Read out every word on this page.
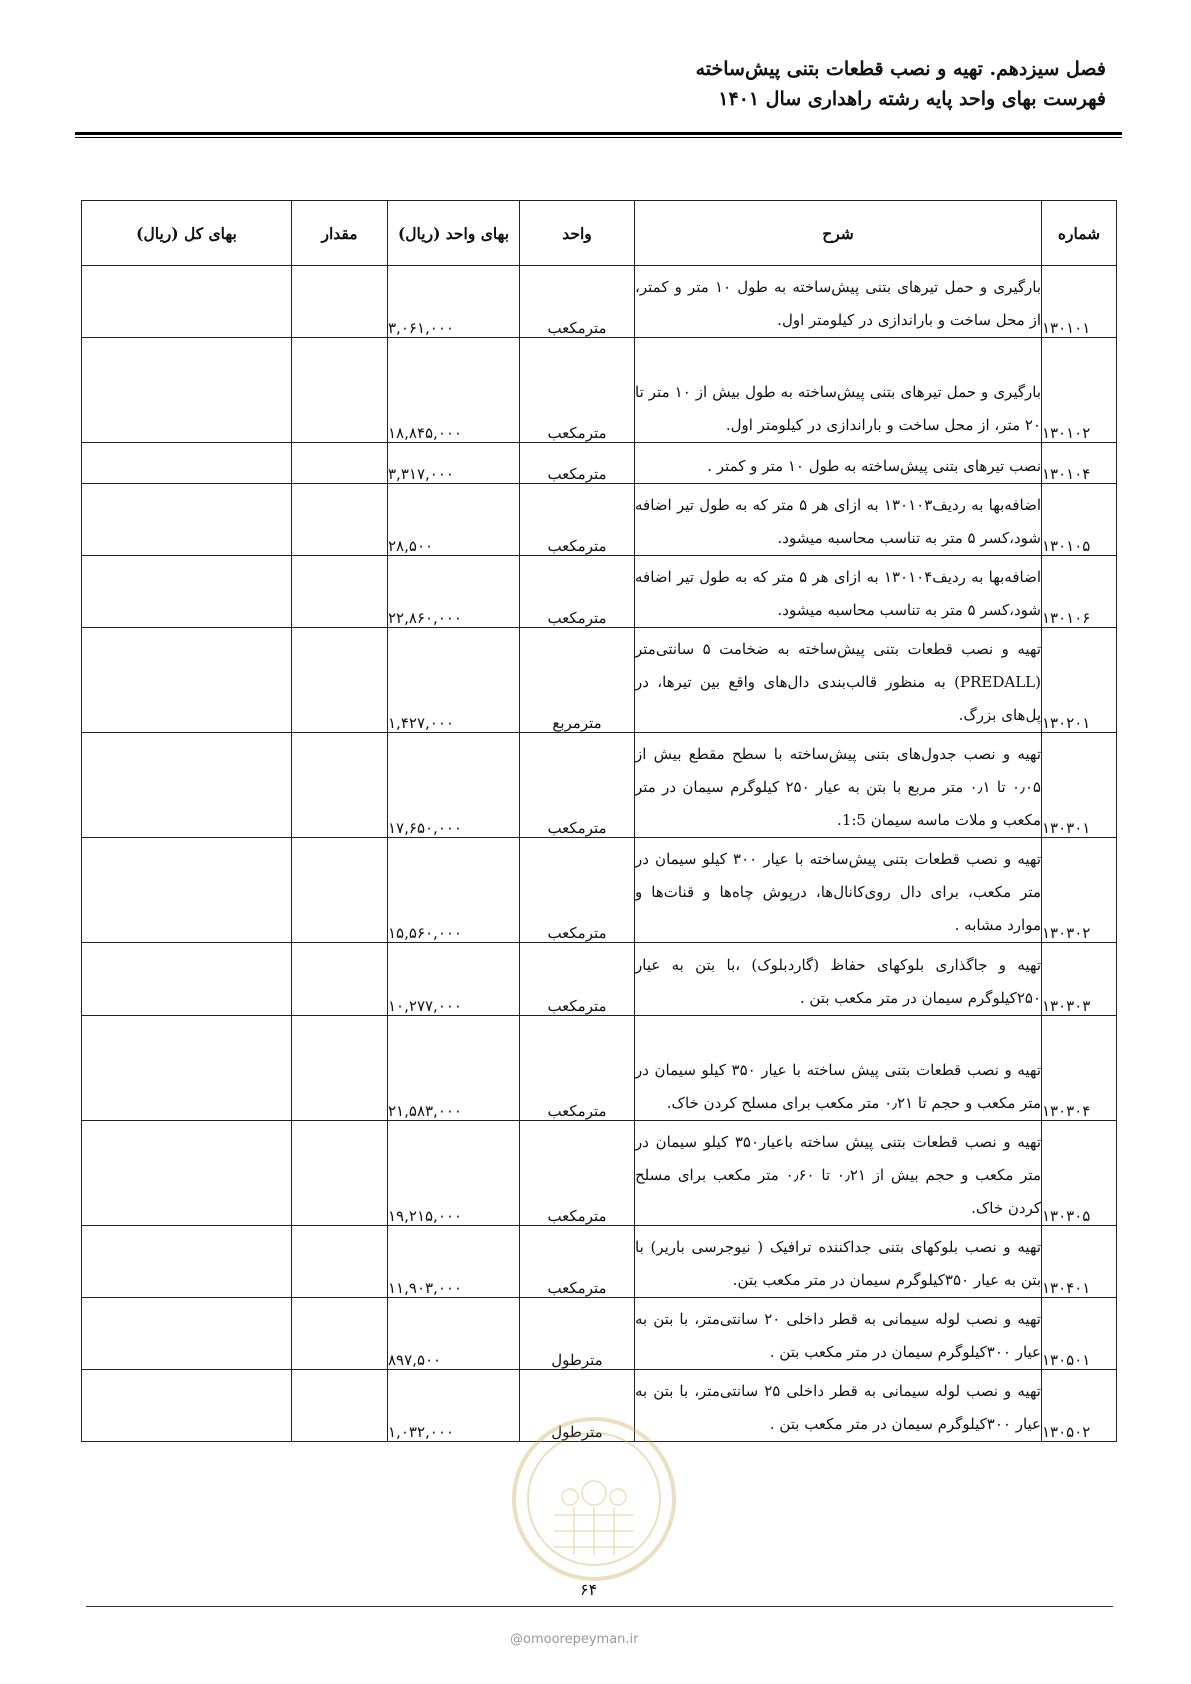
فصل سیزدهم. تهیه و نصب قطعات بتنی پیش‌ساخته
فهرست بهای واحد پایه رشته راهداری سال ۱۴۰۱
شماره	شرح	واحد	بهای واحد (ریال)	مقدار	بهای کل (ریال)
۱۳۰۱۰۱	بارگیری و حمل تیرهای بتنی پیش‌ساخته به طول ۱۰ متر و کمتر، از محل ساخت و باراندازی در کیلومتر اول.	مترمکعب	۳,۰۶۱,۰۰۰		
۱۳۰۱۰۲	بارگیری و حمل تیرهای بتنی پیش‌ساخته به طول بیش از ۱۰ متر تا ۲۰ متر، از محل ساخت و باراندازی در کیلومتر اول.	مترمکعب	۱۸,۸۴۵,۰۰۰		
۱۳۰۱۰۴	نصب تیرهای بتنی پیش‌ساخته به طول ۱۰ متر و کمتر .	مترمکعب	۳,۳۱۷,۰۰۰		
۱۳۰۱۰۵	اضافه‌بها به ردیف۱۳۰۱۰۳ به ازای هر ۵ متر که به طول تیر اضافه شود،کسر ۵ متر به تناسب محاسبه میشود.	مترمکعب	۲۸,۵۰۰		
۱۳۰۱۰۶	اضافه‌بها به ردیف۱۳۰۱۰۴ به ازای هر ۵ متر که به طول تیر اضافه شود،کسر ۵ متر به تناسب محاسبه میشود.	مترمکعب	۲۲,۸۶۰,۰۰۰		
۱۳۰۲۰۱	تهیه و نصب قطعات بتنی پیش‌ساخته به ضخامت ۵ سانتی‌متر (PREDALL) به منظور قالب‌بندی دال‌های واقع بین تیرها، در پل‌های بزرگ.	مترمربع	۱,۴۲۷,۰۰۰		
۱۳۰۳۰۱	تهیه و نصب جدول‌های بتنی پیش‌ساخته با سطح مقطع بیش از ۰٫۰۵ تا ۰٫۱ متر مربع با بتن به عیار ۲۵۰ کیلوگرم سیمان در متر مکعب و ملات ماسه سیمان 1:5.	مترمکعب	۱۷,۶۵۰,۰۰۰		
۱۳۰۳۰۲	تهیه و نصب قطعات بتنی پیش‌ساخته با عیار ۳۰۰ کیلو سیمان در متر مکعب، برای دال روی‌کانال‌ها، درپوش چاه‌ها و قنات‌ها و موارد مشابه .	مترمکعب	۱۵,۵۶۰,۰۰۰		
۱۳۰۳۰۳	تهیه و جاگذاری بلوکهای حفاظ (گاردبلوک) ،با بتن به عیار ۲۵۰کیلوگرم سیمان در متر مکعب بتن .	مترمکعب	۱۰,۲۷۷,۰۰۰		
۱۳۰۳۰۴	تهیه و نصب قطعات بتنی پیش ساخته با عیار ۳۵۰ کیلو سیمان در متر مکعب و حجم تا ۰٫۲۱ متر مکعب برای مسلح کردن خاک.	مترمکعب	۲۱,۵۸۳,۰۰۰		
۱۳۰۳۰۵	تهیه و نصب قطعات بتنی پیش ساخته باعیار۳۵۰ کیلو سیمان در متر مکعب و حجم بیش از ۰٫۲۱ تا ۰٫۶۰ متر مکعب برای مسلح کردن خاک.	مترمکعب	۱۹,۲۱۵,۰۰۰		
۱۳۰۴۰۱	تهیه و نصب بلوکهای بتنی جداکننده ترافیک ( نیوجرسی باریر) با بتن به عیار ۳۵۰کیلوگرم سیمان در متر مکعب بتن.	مترمکعب	۱۱,۹۰۳,۰۰۰		
۱۳۰۵۰۱	تهیه و نصب لوله سیمانی به قطر داخلی ۲۰ سانتی‌متر، با بتن به عیار ۳۰۰کیلوگرم سیمان در متر مکعب بتن .	مترطول	۸۹۷,۵۰۰		
۱۳۰۵۰۲	تهیه و نصب لوله سیمانی به قطر داخلی ۲۵ سانتی‌متر، با بتن به عیار ۳۰۰کیلوگرم سیمان در متر مکعب بتن .	مترطول	۱,۰۳۲,۰۰۰		
۶۴
@omoorepeyman.ir
